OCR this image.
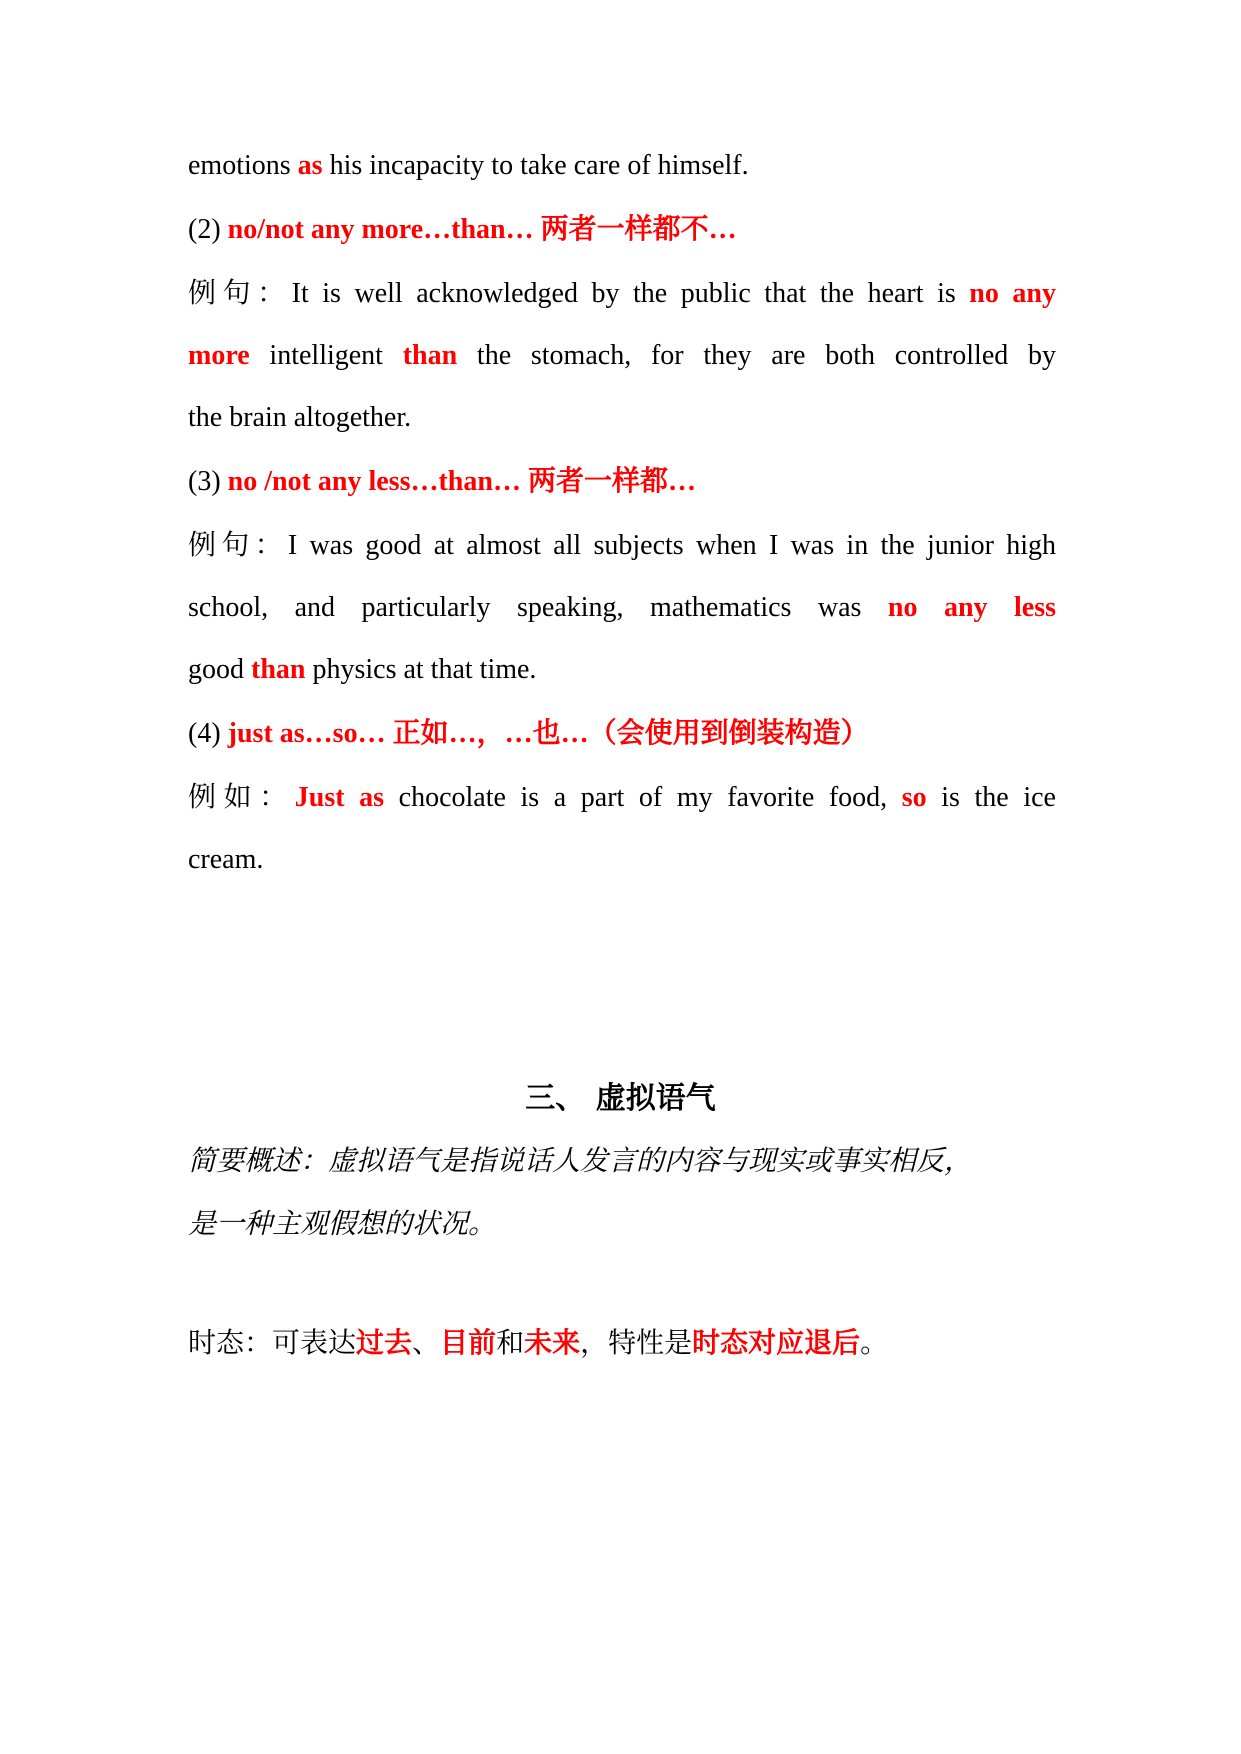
emotions as his incapacity to take care of himself.
(2) no/not any more…than… 两者一样都不…
例句：It is well acknowledged by the public that the heart is no any
more intelligent than the stomach, for they are both controlled by
the brain altogether.
(3) no /not any less…than… 两者一样都…
例句：I was good at almost all subjects when I was in the junior high
school, and particularly speaking, mathematics was no any less
good than physics at that time.
(4) just as…so… 正如…，…也…（会使用到倒装构造）
例如：Just as chocolate is a part of my favorite food, so is the ice
cream.
三、 虚拟语气
简要概述：虚拟语气是指说话人发言的内容与现实或事实相反，
是一种主观假想的状况。
时态：可表达过去、目前和未来，特性是时态对应退后。
